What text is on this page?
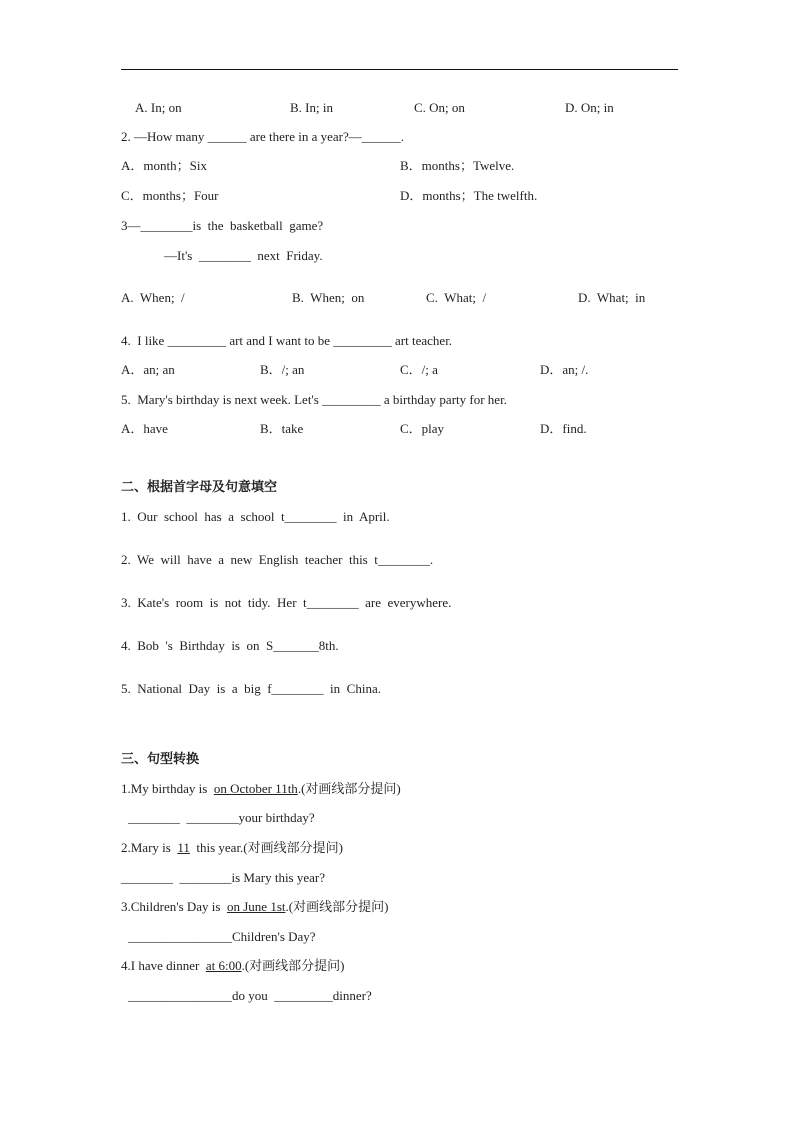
A. In; on	B. In; in	C. On; on	D. On; in
2. —How many ______ are there in a year?—______.
A．month；Six	B．months；Twelve.
C．months；Four	D．months；The twelfth.
3—________is  the  basketball  game?
—It's  ________  next  Friday.
A.  When;  /	B.  When;  on	C.  What;  /	D.  What;  in
4.  I like _________ art and I want to be _________ art teacher.
A．an; an	B．/; an	C．/; a	D．an; /.
5.  Mary's birthday is next week. Let's _________ a birthday party for her.
A．have	B．take	C．play	D．find.
二、根据首字母及句意填空
1.  Our  school  has  a  school  t________  in  April.
2.  We  will  have  a  new  English  teacher  this  t________.
3.  Kate's  room  is  not  tidy.  Her  t________  are  everywhere.
4.  Bob  's  Birthday  is  on  S_______8th.
5.  National  Day  is  a  big  f________  in  China.
三、句型转换
1.My birthday is  on October 11th.(对画线部分提问)
________  ________your birthday?
2.Mary is  11  this year.(对画线部分提问)
________  ________is Mary this year?
3.Children's Day is  on June 1st.(对画线部分提问)
________________Children's Day?
4.I have dinner  at 6:00.(对画线部分提问)
________________do you  _________dinner?
